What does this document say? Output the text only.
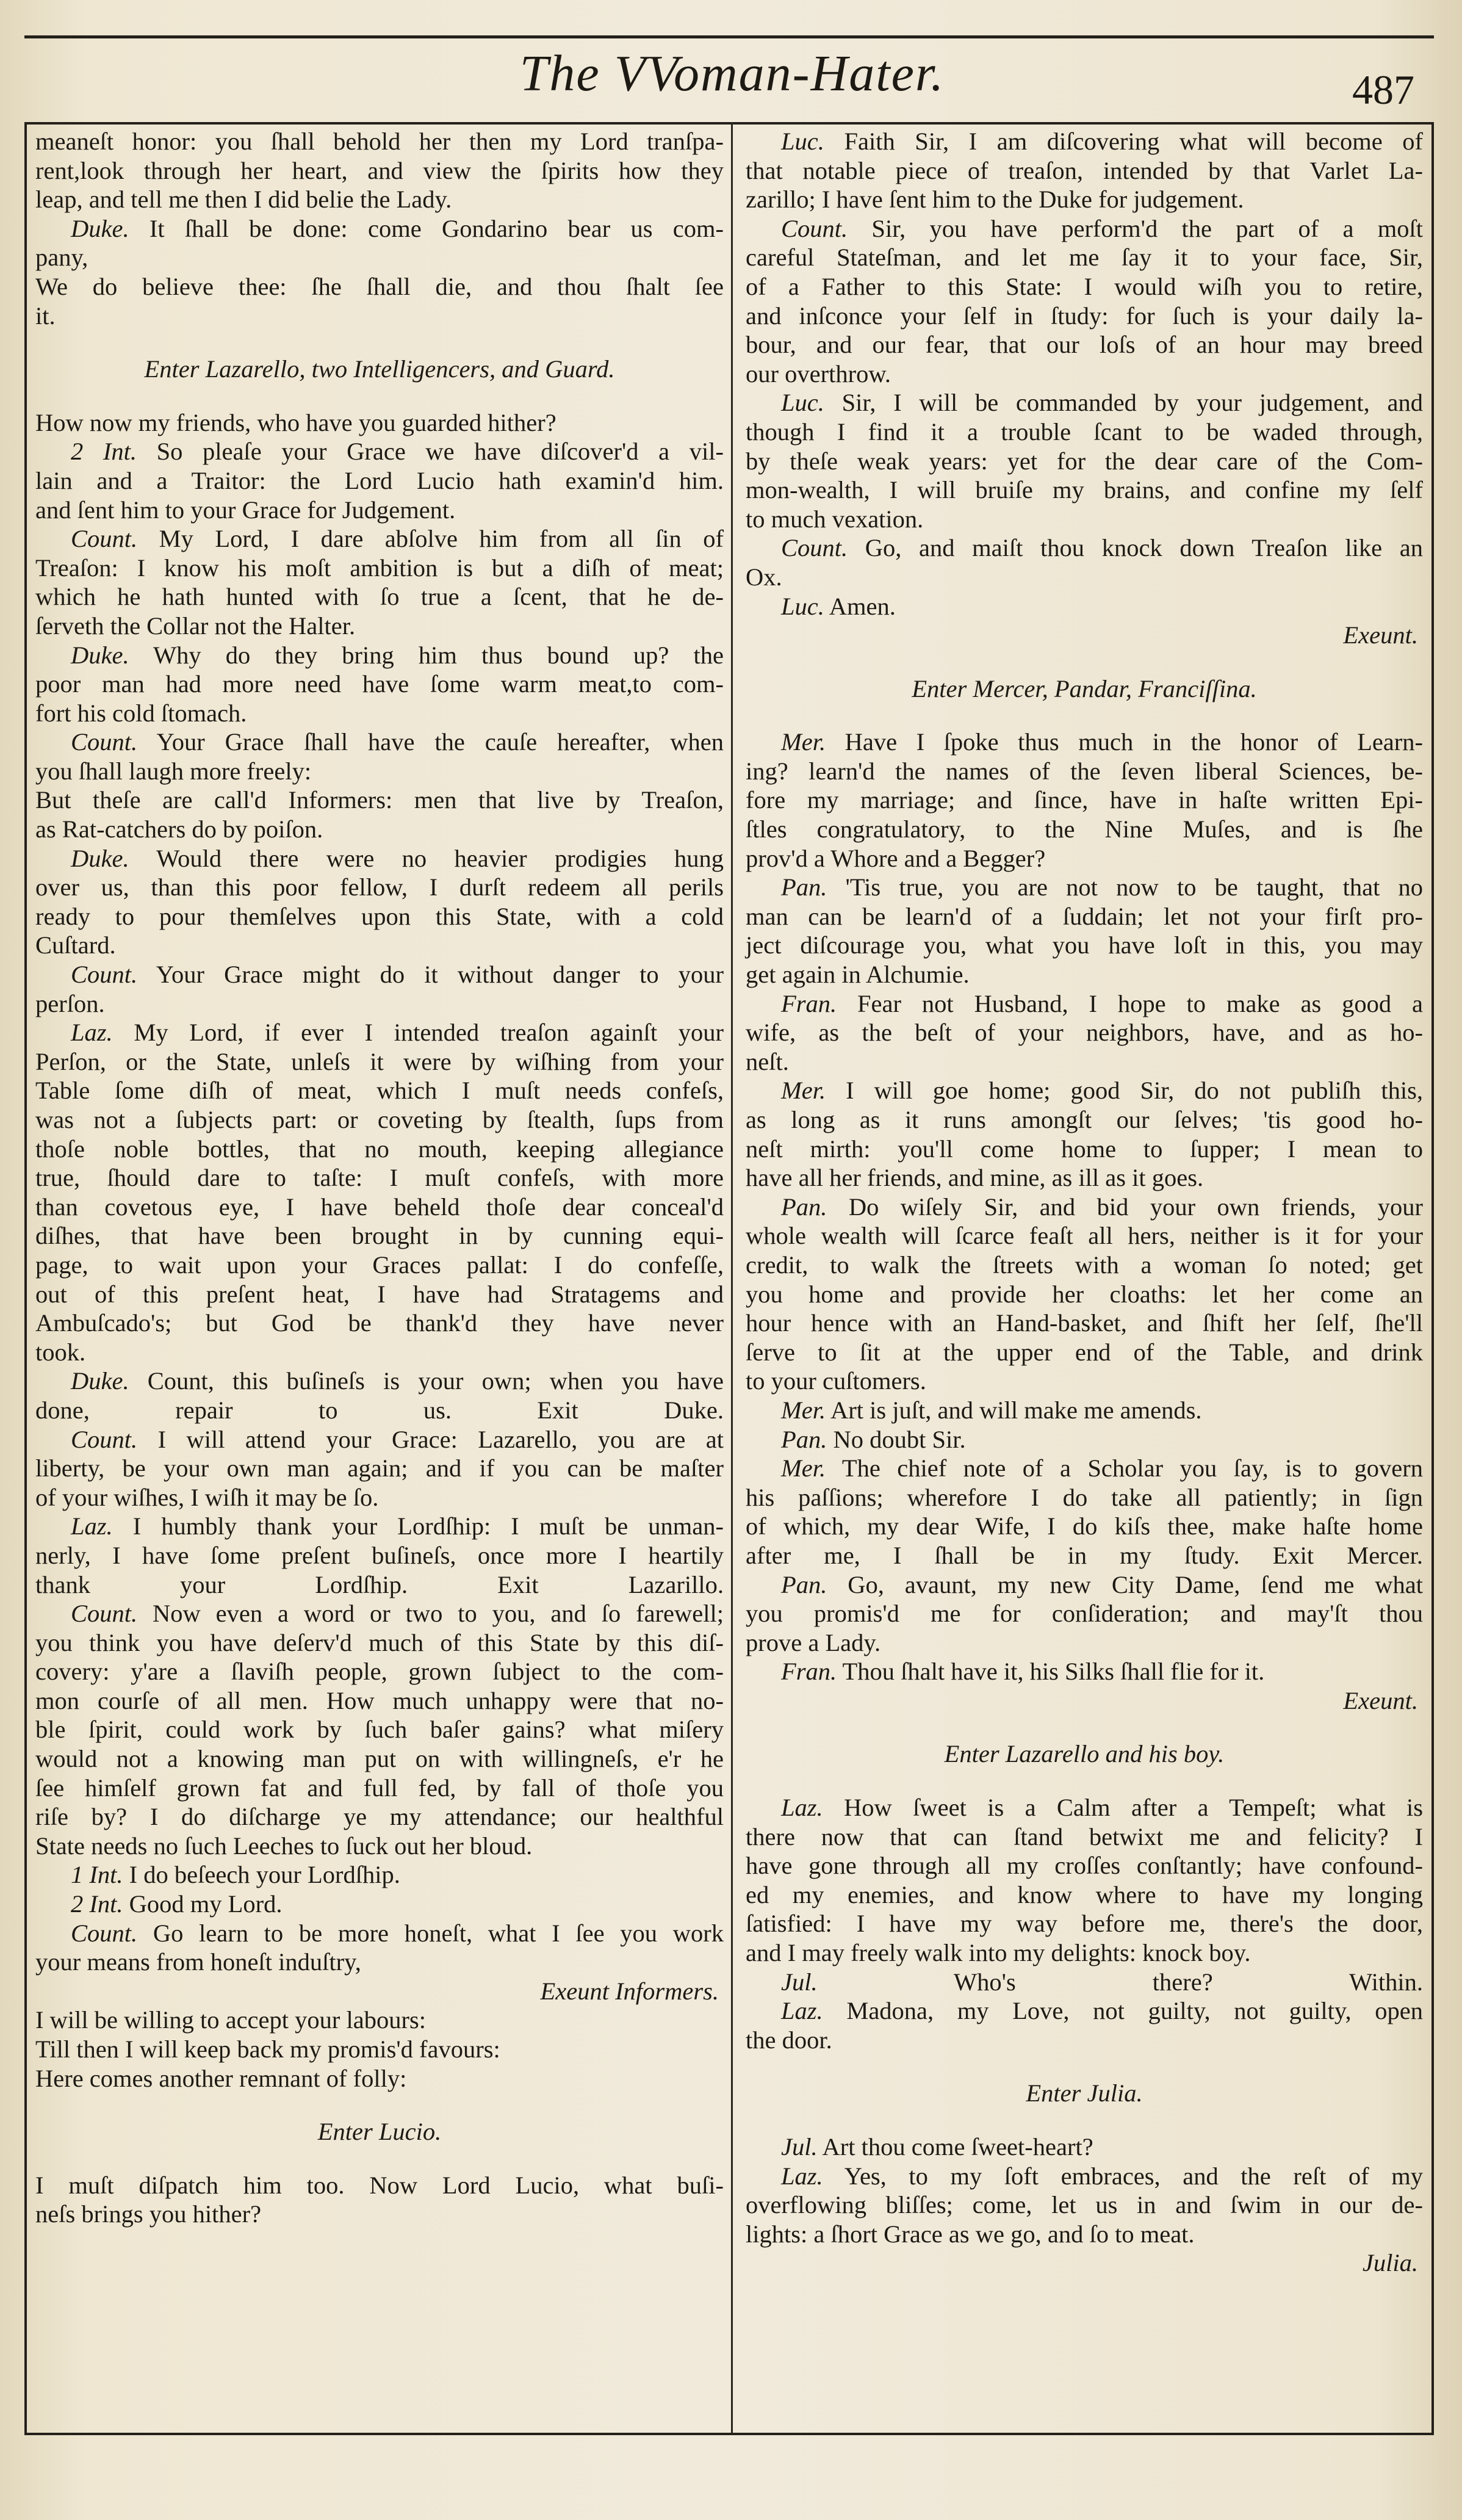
The VVoman-Hater.	487
meaneſt honor: you ſhall behold her then my Lord tranſpa-
rent,look through her heart, and view the ſpirits how they
leap, and tell me then I did belie the Lady.
Duke. It ſhall be done: come Gondarino bear us com-
pany,
We do believe thee: ſhe ſhall die, and thou ſhalt ſee
it.
Enter Lazarello, two Intelligencers, and Guard.
How now my friends, who have you guarded hither?
2 Int. So pleaſe your Grace we have diſcover'd a vil-
lain and a Traitor: the Lord Lucio hath examin'd him.
and ſent him to your Grace for Judgement.
Count. My Lord, I dare abſolve him from all ſin of
Treaſon: I know his moſt ambition is but a diſh of meat;
which he hath hunted with ſo true a ſcent, that he de-
ſerveth the Collar not the Halter.
Duke. Why do they bring him thus bound up? the
poor man had more need have ſome warm meat,to com-
fort his cold ſtomach.
Count. Your Grace ſhall have the cauſe hereafter, when
you ſhall laugh more freely:
But theſe are call'd Informers: men that live by Treaſon,
as Rat-catchers do by poiſon.
Duke. Would there were no heavier prodigies hung
over us, than this poor fellow, I durſt redeem all perils
ready to pour themſelves upon this State, with a cold
Cuſtard.
Count. Your Grace might do it without danger to your
perſon.
Laz. My Lord, if ever I intended treaſon againſt your
Perſon, or the State, unleſs it were by wiſhing from your
Table ſome diſh of meat, which I muſt needs confeſs,
was not a ſubjects part: or coveting by ſtealth, ſups from
thoſe noble bottles, that no mouth, keeping allegiance
true, ſhould dare to taſte: I muſt confeſs, with more
than covetous eye, I have beheld thoſe dear conceal'd
diſhes, that have been brought in by cunning equi-
page, to wait upon your Graces pallat: I do confeſſe,
out of this preſent heat, I have had Stratagems and
Ambuſcado's; but God be thank'd they have never
took.
Duke. Count, this buſineſs is your own; when you have
done, repair to us. Exit Duke.
Count. I will attend your Grace: Lazarello, you are at
liberty, be your own man again; and if you can be maſter
of your wiſhes, I wiſh it may be ſo.
Laz. I humbly thank your Lordſhip: I muſt be unman-
nerly, I have ſome preſent buſineſs, once more I heartily
thank your Lordſhip. Exit Lazarillo.
Count. Now even a word or two to you, and ſo farewell;
you think you have deſerv'd much of this State by this diſ-
covery: y'are a ſlaviſh people, grown ſubject to the com-
mon courſe of all men. How much unhappy were that no-
ble ſpirit, could work by ſuch baſer gains? what miſery
would not a knowing man put on with willingneſs, e'r he
ſee himſelf grown fat and full fed, by fall of thoſe you
riſe by? I do diſcharge ye my attendance; our healthful
State needs no ſuch Leeches to ſuck out her bloud.
1 Int. I do beſeech your Lordſhip.
2 Int. Good my Lord.
Count. Go learn to be more honeſt, what I ſee you work
your means from honeſt induſtry,
Exeunt Informers.
I will be willing to accept your labours:
Till then I will keep back my promis'd favours:
Here comes another remnant of folly:
Enter Lucio.
I muſt diſpatch him too. Now Lord Lucio, what buſi-
neſs brings you hither?
Luc. Faith Sir, I am diſcovering what will become of
that notable piece of treaſon, intended by that Varlet La-
zarillo; I have ſent him to the Duke for judgement.
Count. Sir, you have perform'd the part of a moſt
careful Stateſman, and let me ſay it to your face, Sir,
of a Father to this State: I would wiſh you to retire,
and inſconce your ſelf in ſtudy: for ſuch is your daily la-
bour, and our fear, that our loſs of an hour may breed
our overthrow.
Luc. Sir, I will be commanded by your judgement, and
though I find it a trouble ſcant to be waded through,
by theſe weak years: yet for the dear care of the Com-
mon-wealth, I will bruiſe my brains, and confine my ſelf
to much vexation.
Count. Go, and maiſt thou knock down Treaſon like an
Ox.
Luc. Amen.
Exeunt.
Enter Mercer, Pandar, Franciſſina.
Mer. Have I ſpoke thus much in the honor of Learn-
ing? learn'd the names of the ſeven liberal Sciences, be-
fore my marriage; and ſince, have in haſte written Epi-
ſtles congratulatory, to the Nine Muſes, and is ſhe
prov'd a Whore and a Begger?
Pan. 'Tis true, you are not now to be taught, that no
man can be learn'd of a ſuddain; let not your firſt pro-
ject diſcourage you, what you have loſt in this, you may
get again in Alchumie.
Fran. Fear not Husband, I hope to make as good a
wife, as the beſt of your neighbors, have, and as ho-
neſt.
Mer. I will goe home; good Sir, do not publiſh this,
as long as it runs amongſt our ſelves; 'tis good ho-
neſt mirth: you'll come home to ſupper; I mean to
have all her friends, and mine, as ill as it goes.
Pan. Do wiſely Sir, and bid your own friends, your
whole wealth will ſcarce feaſt all hers, neither is it for your
credit, to walk the ſtreets with a woman ſo noted; get
you home and provide her cloaths: let her come an
hour hence with an Hand-basket, and ſhift her ſelf, ſhe'll
ſerve to ſit at the upper end of the Table, and drink
to your cuſtomers.
Mer. Art is juſt, and will make me amends.
Pan. No doubt Sir.
Mer. The chief note of a Scholar you ſay, is to govern
his paſſions; wherefore I do take all patiently; in ſign
of which, my dear Wife, I do kiſs thee, make haſte home
after me, I ſhall be in my ſtudy. Exit Mercer.
Pan. Go, avaunt, my new City Dame, ſend me what
you promis'd me for conſideration; and may'ſt thou
prove a Lady.
Fran. Thou ſhalt have it, his Silks ſhall flie for it.
Exeunt.
Enter Lazarello and his boy.
Laz. How ſweet is a Calm after a Tempeſt; what is
there now that can ſtand betwixt me and felicity? I
have gone through all my croſſes conſtantly; have confound-
ed my enemies, and know where to have my longing
ſatisfied: I have my way before me, there's the door,
and I may freely walk into my delights: knock boy.
Jul. Who's there? Within.
Laz. Madona, my Love, not guilty, not guilty, open
the door.
Enter Julia.
Jul. Art thou come ſweet-heart?
Laz. Yes, to my ſoft embraces, and the reſt of my
overflowing bliſſes; come, let us in and ſwim in our de-
lights: a ſhort Grace as we go, and ſo to meat.
Julia.
